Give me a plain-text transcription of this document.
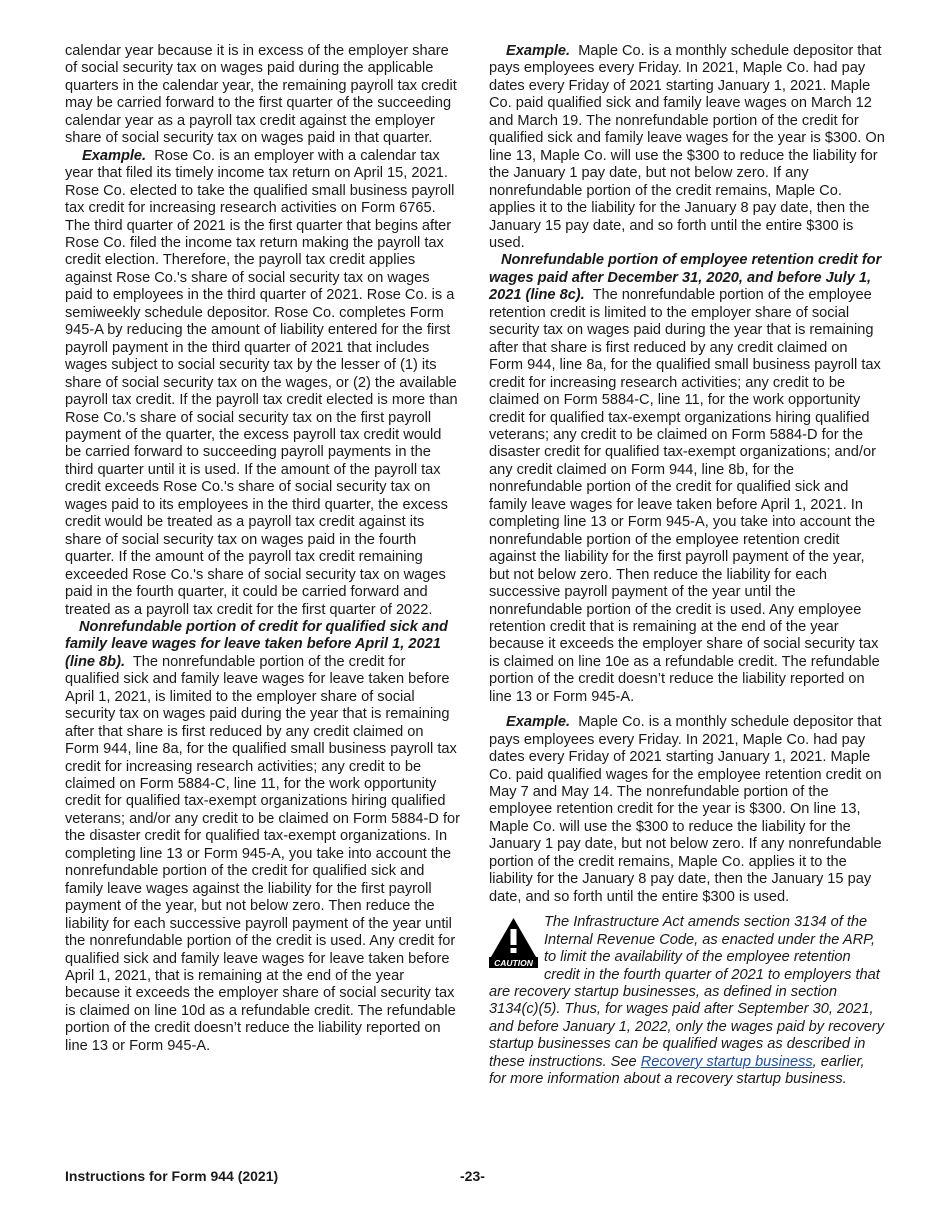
calendar year because it is in excess of the employer share of social security tax on wages paid during the applicable quarters in the calendar year, the remaining payroll tax credit may be carried forward to the first quarter of the succeeding calendar year as a payroll tax credit against the employer share of social security tax on wages paid in that quarter.

Example. Rose Co. is an employer with a calendar tax year that filed its timely income tax return on April 15, 2021. Rose Co. elected to take the qualified small business payroll tax credit for increasing research activities on Form 6765. The third quarter of 2021 is the first quarter that begins after Rose Co. filed the income tax return making the payroll tax credit election. Therefore, the payroll tax credit applies against Rose Co.'s share of social security tax on wages paid to employees in the third quarter of 2021. Rose Co. is a semiweekly schedule depositor. Rose Co. completes Form 945-A by reducing the amount of liability entered for the first payroll payment in the third quarter of 2021 that includes wages subject to social security tax by the lesser of (1) its share of social security tax on the wages, or (2) the available payroll tax credit. If the payroll tax credit elected is more than Rose Co.'s share of social security tax on the first payroll payment of the quarter, the excess payroll tax credit would be carried forward to succeeding payroll payments in the third quarter until it is used. If the amount of the payroll tax credit exceeds Rose Co.'s share of social security tax on wages paid to its employees in the third quarter, the excess credit would be treated as a payroll tax credit against its share of social security tax on wages paid in the fourth quarter. If the amount of the payroll tax credit remaining exceeded Rose Co.'s share of social security tax on wages paid in the fourth quarter, it could be carried forward and treated as a payroll tax credit for the first quarter of 2022.

Nonrefundable portion of credit for qualified sick and family leave wages for leave taken before April 1, 2021 (line 8b). The nonrefundable portion of the credit for qualified sick and family leave wages for leave taken before April 1, 2021, is limited to the employer share of social security tax on wages paid during the year that is remaining after that share is first reduced by any credit claimed on Form 944, line 8a, for the qualified small business payroll tax credit for increasing research activities; any credit to be claimed on Form 5884-C, line 11, for the work opportunity credit for qualified tax-exempt organizations hiring qualified veterans; and/or any credit to be claimed on Form 5884-D for the disaster credit for qualified tax-exempt organizations. In completing line 13 or Form 945-A, you take into account the nonrefundable portion of the credit for qualified sick and family leave wages against the liability for the first payroll payment of the year, but not below zero. Then reduce the liability for each successive payroll payment of the year until the nonrefundable portion of the credit is used. Any credit for qualified sick and family leave wages for leave taken before April 1, 2021, that is remaining at the end of the year because it exceeds the employer share of social security tax is claimed on line 10d as a refundable credit. The refundable portion of the credit doesn’t reduce the liability reported on line 13 or Form 945-A.

Example. Maple Co. is a monthly schedule depositor that pays employees every Friday. In 2021, Maple Co. had pay dates every Friday of 2021 starting January 1, 2021. Maple Co. paid qualified sick and family leave wages on March 12 and March 19. The nonrefundable portion of the credit for qualified sick and family leave wages for the year is $300. On line 13, Maple Co. will use the $300 to reduce the liability for the January 1 pay date, but not below zero. If any nonrefundable portion of the credit remains, Maple Co. applies it to the liability for the January 8 pay date, then the January 15 pay date, and so forth until the entire $300 is used.

Nonrefundable portion of employee retention credit for wages paid after December 31, 2020, and before July 1, 2021 (line 8c). The nonrefundable portion of the employee retention credit is limited to the employer share of social security tax on wages paid during the year that is remaining after that share is first reduced by any credit claimed on Form 944, line 8a, for the qualified small business payroll tax credit for increasing research activities; any credit to be claimed on Form 5884-C, line 11, for the work opportunity credit for qualified tax-exempt organizations hiring qualified veterans; any credit to be claimed on Form 5884-D for the disaster credit for qualified tax-exempt organizations; and/or any credit claimed on Form 944, line 8b, for the nonrefundable portion of the credit for qualified sick and family leave wages for leave taken before April 1, 2021. In completing line 13 or Form 945-A, you take into account the nonrefundable portion of the employee retention credit against the liability for the first payroll payment of the year, but not below zero. Then reduce the liability for each successive payroll payment of the year until the nonrefundable portion of the credit is used. Any employee retention credit that is remaining at the end of the year because it exceeds the employer share of social security tax is claimed on line 10e as a refundable credit. The refundable portion of the credit doesn’t reduce the liability reported on line 13 or Form 945-A.

Example. Maple Co. is a monthly schedule depositor that pays employees every Friday. In 2021, Maple Co. had pay dates every Friday of 2021 starting January 1, 2021. Maple Co. paid qualified wages for the employee retention credit on May 7 and May 14. The nonrefundable portion of the employee retention credit for the year is $300. On line 13, Maple Co. will use the $300 to reduce the liability for the January 1 pay date, but not below zero. If any nonrefundable portion of the credit remains, Maple Co. applies it to the liability for the January 8 pay date, then the January 15 pay date, and so forth until the entire $300 is used.

CAUTION
The Infrastructure Act amends section 3134 of the Internal Revenue Code, as enacted under the ARP, to limit the availability of the employee retention credit in the fourth quarter of 2021 to employers that are recovery startup businesses, as defined in section 3134(c)(5). Thus, for wages paid after September 30, 2021, and before January 1, 2022, only the wages paid by recovery startup businesses can be qualified wages as described in these instructions. See Recovery startup business, earlier, for more information about a recovery startup business.
Instructions for Form 944 (2021)	-23-
